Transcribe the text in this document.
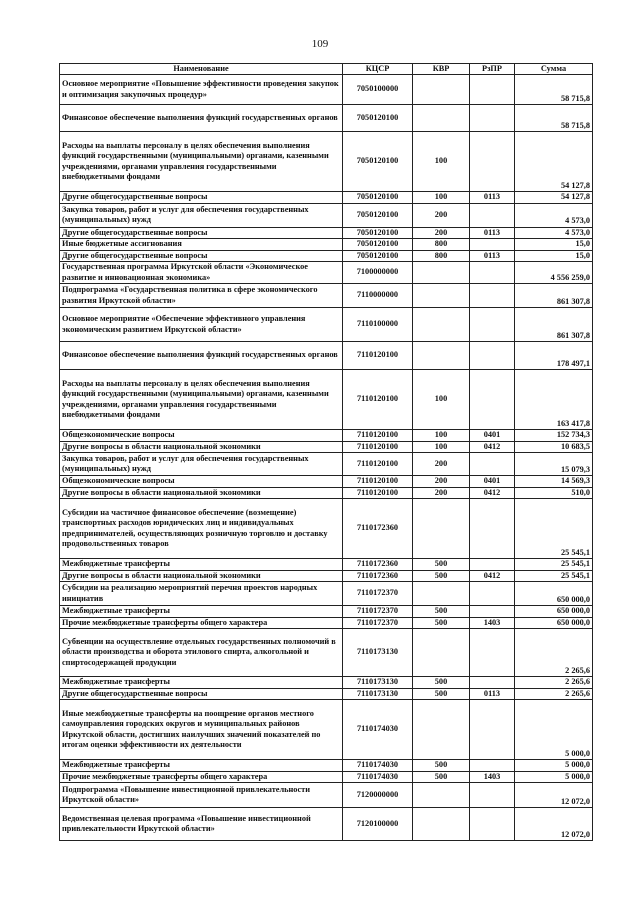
109
Наименование	КЦСР	КВР	РзПР	Сумма
Основное мероприятие «Повышение эффективности проведения закупок и оптимизация закупочных процедур»	7050100000			58 715,8
Финансовое обеспечение выполнения функций государственных органов	7050120100			58 715,8
Расходы на выплаты персоналу в целях обеспечения выполнения функций государственными (муниципальными) органами, казенными учреждениями, органами управления государственными внебюджетными фондами	7050120100	100		54 127,8
Другие общегосударственные вопросы	7050120100	100	0113	54 127,8
Закупка товаров, работ и услуг для обеспечения государственных (муниципальных) нужд	7050120100	200		4 573,0
Другие общегосударственные вопросы	7050120100	200	0113	4 573,0
Иные бюджетные ассигнования	7050120100	800		15,0
Другие общегосударственные вопросы	7050120100	800	0113	15,0
Государственная программа Иркутской области «Экономическое развитие и инновационная экономика»	7100000000			4 556 259,0
Подпрограмма «Государственная политика в сфере экономического развития Иркутской области»	7110000000			861 307,8
Основное мероприятие «Обеспечение эффективного управления экономическим развитием Иркутской области»	7110100000			861 307,8
Финансовое обеспечение выполнения функций государственных органов	7110120100			178 497,1
Расходы на выплаты персоналу в целях обеспечения выполнения функций государственными (муниципальными) органами, казенными учреждениями, органами управления государственными внебюджетными фондами	7110120100	100		163 417,8
Общеэкономические вопросы	7110120100	100	0401	152 734,3
Другие вопросы в области национальной экономики	7110120100	100	0412	10 683,5
Закупка товаров, работ и услуг для обеспечения государственных (муниципальных) нужд	7110120100	200		15 079,3
Общеэкономические вопросы	7110120100	200	0401	14 569,3
Другие вопросы в области национальной экономики	7110120100	200	0412	510,0
Субсидии на частичное финансовое обеспечение (возмещение) транспортных расходов юридических лиц и индивидуальных предпринимателей, осуществляющих розничную торговлю и доставку продовольственных товаров	7110172360			25 545,1
Межбюджетные трансферты	7110172360	500		25 545,1
Другие вопросы в области национальной экономики	7110172360	500	0412	25 545,1
Субсидии на реализацию мероприятий перечня проектов народных инициатив	7110172370			650 000,0
Межбюджетные трансферты	7110172370	500		650 000,0
Прочие межбюджетные трансферты общего характера	7110172370	500	1403	650 000,0
Субвенции на осуществление отдельных государственных полномочий в области производства и оборота этилового спирта, алкогольной и спиртосодержащей продукции	7110173130			2 265,6
Межбюджетные трансферты	7110173130	500		2 265,6
Другие общегосударственные вопросы	7110173130	500	0113	2 265,6
Иные межбюджетные трансферты на поощрение органов местного самоуправления городских округов и муниципальных районов Иркутской области, достигших наилучших значений показателей по итогам оценки эффективности их деятельности	7110174030			5 000,0
Межбюджетные трансферты	7110174030	500		5 000,0
Прочие межбюджетные трансферты общего характера	7110174030	500	1403	5 000,0
Подпрограмма «Повышение инвестиционной привлекательности Иркутской области»	7120000000			12 072,0
Ведомственная целевая программа «Повышение инвестиционной привлекательности Иркутской области»	7120100000			12 072,0
